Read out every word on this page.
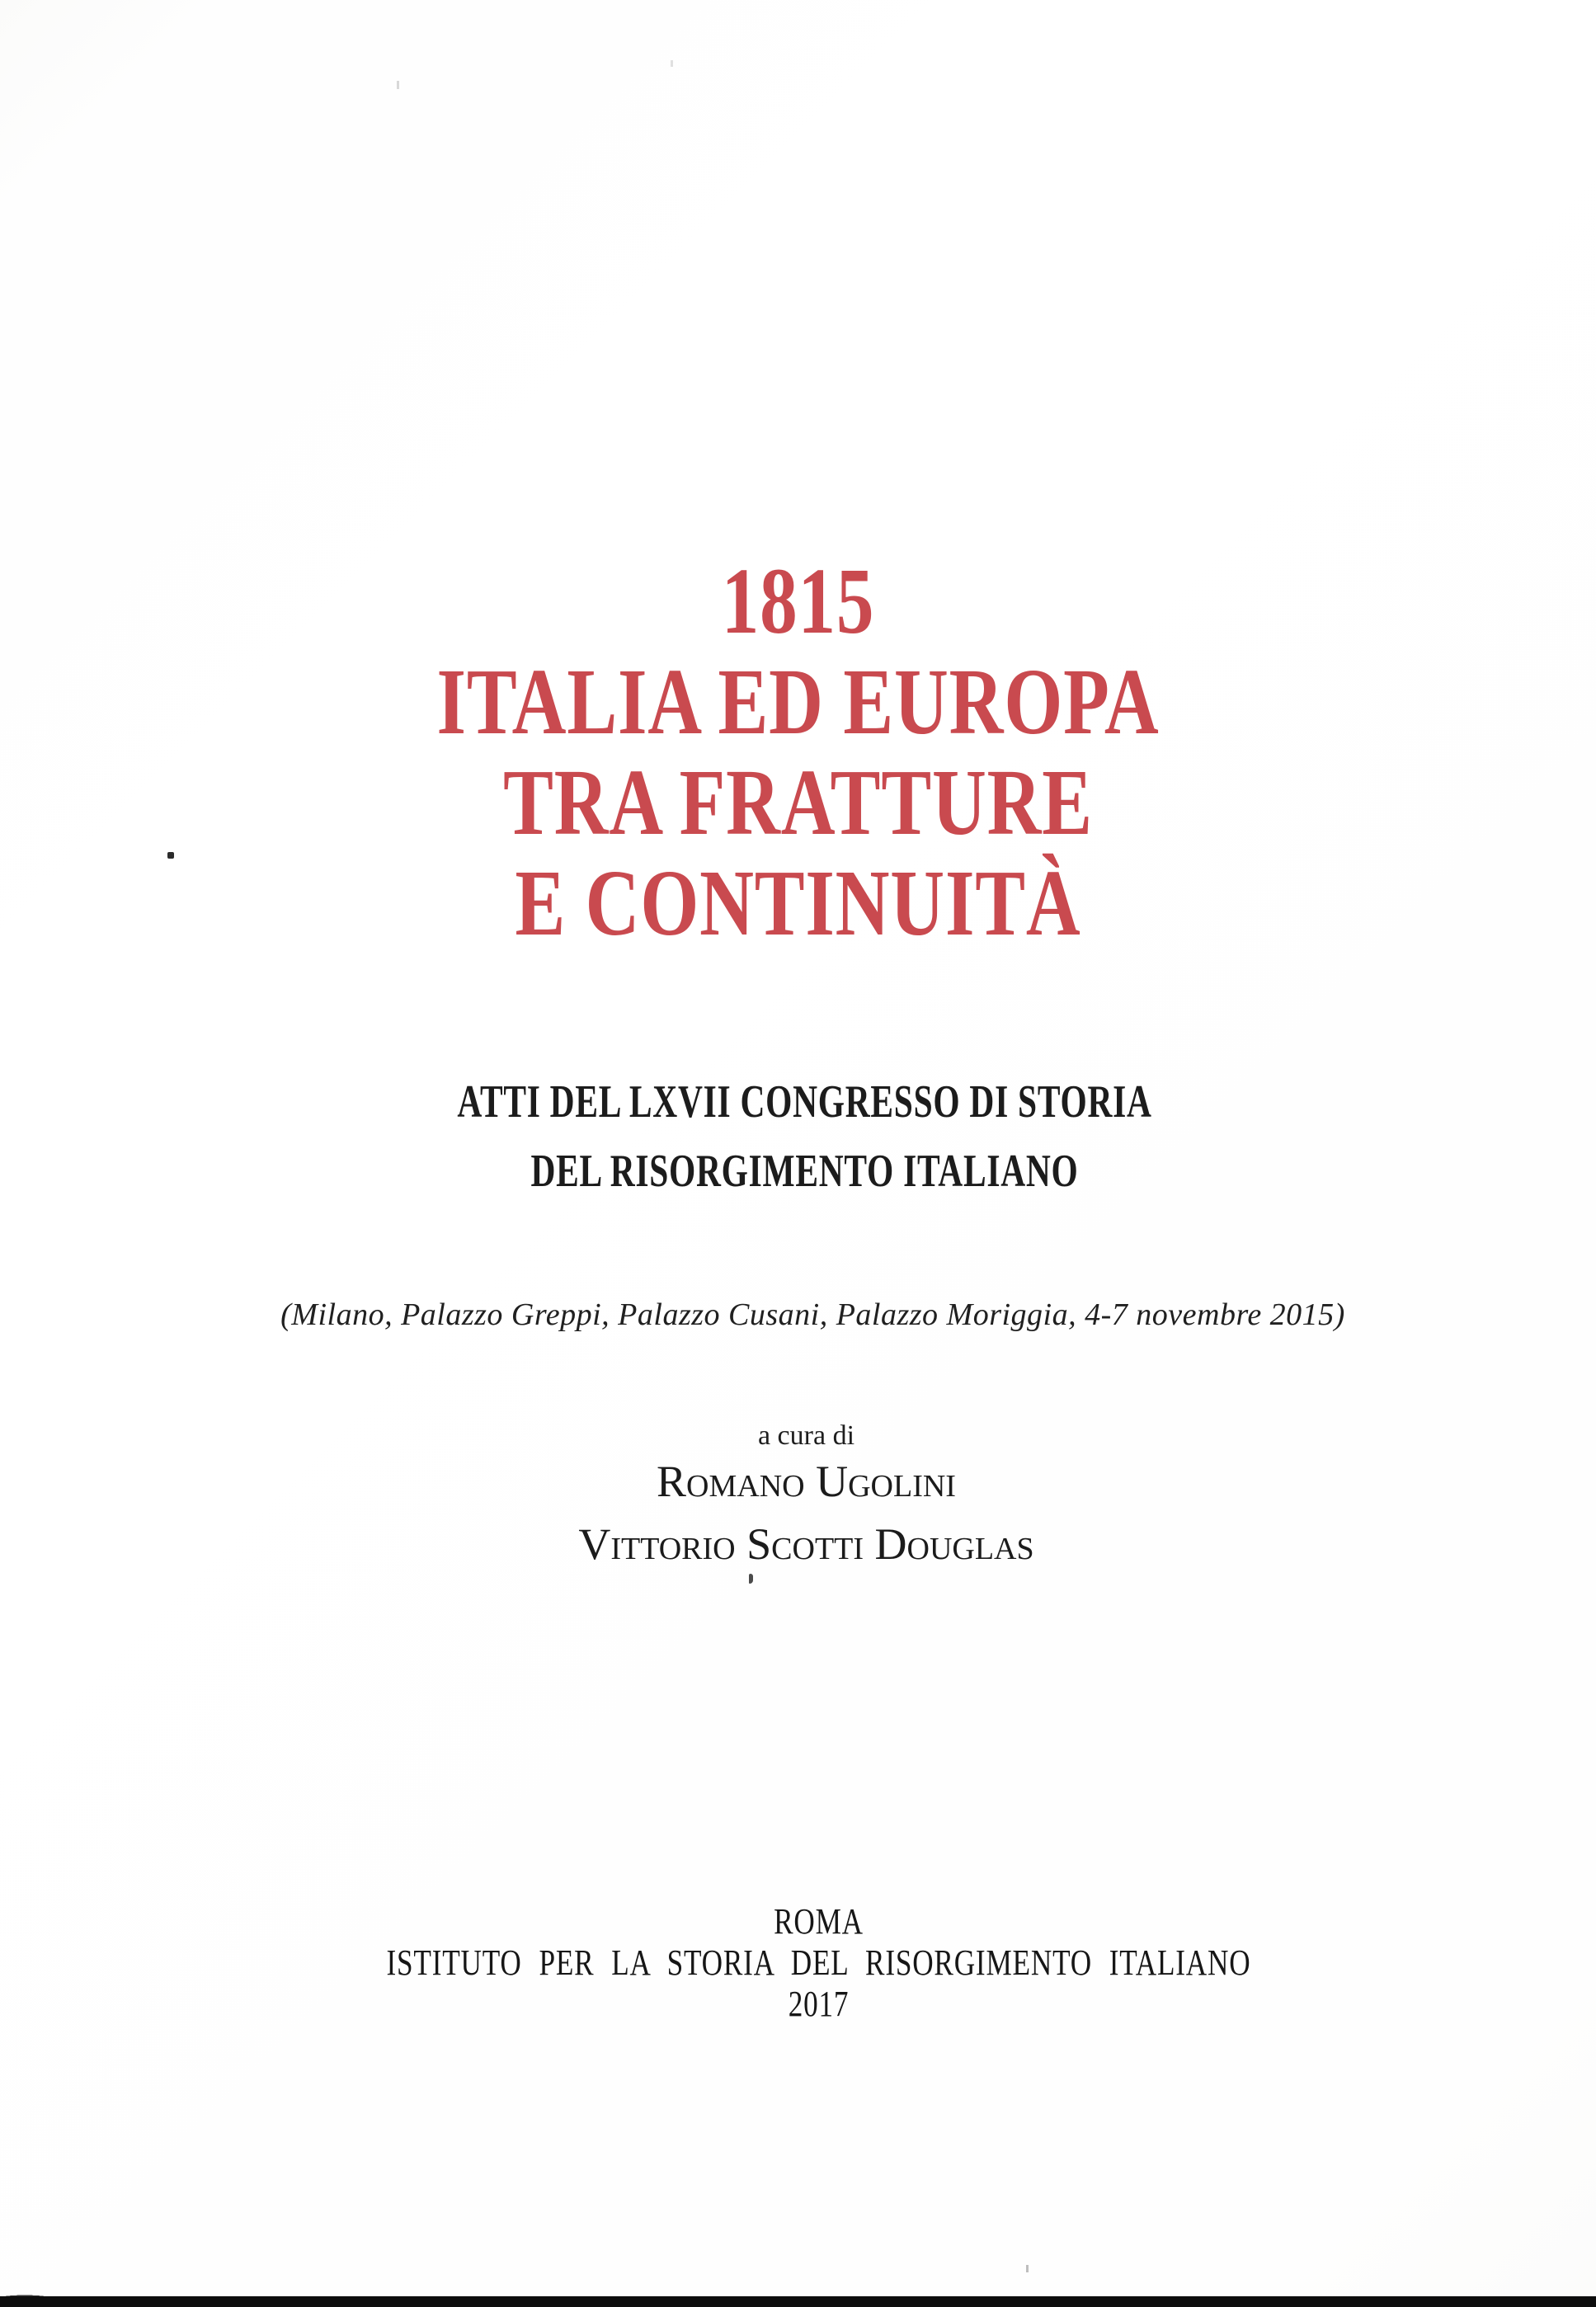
1815
ITALIA ED EUROPA
TRA FRATTURE
E CONTINUITÀ
ATTI DEL LXVII CONGRESSO DI STORIA
DEL RISORGIMENTO ITALIANO
(Milano, Palazzo Greppi, Palazzo Cusani, Palazzo Moriggia, 4-7 novembre 2015)
a cura di
Romano Ugolini
Vittorio Scotti Douglas
ROMA
ISTITUTO PER LA STORIA DEL RISORGIMENTO ITALIANO
2017
